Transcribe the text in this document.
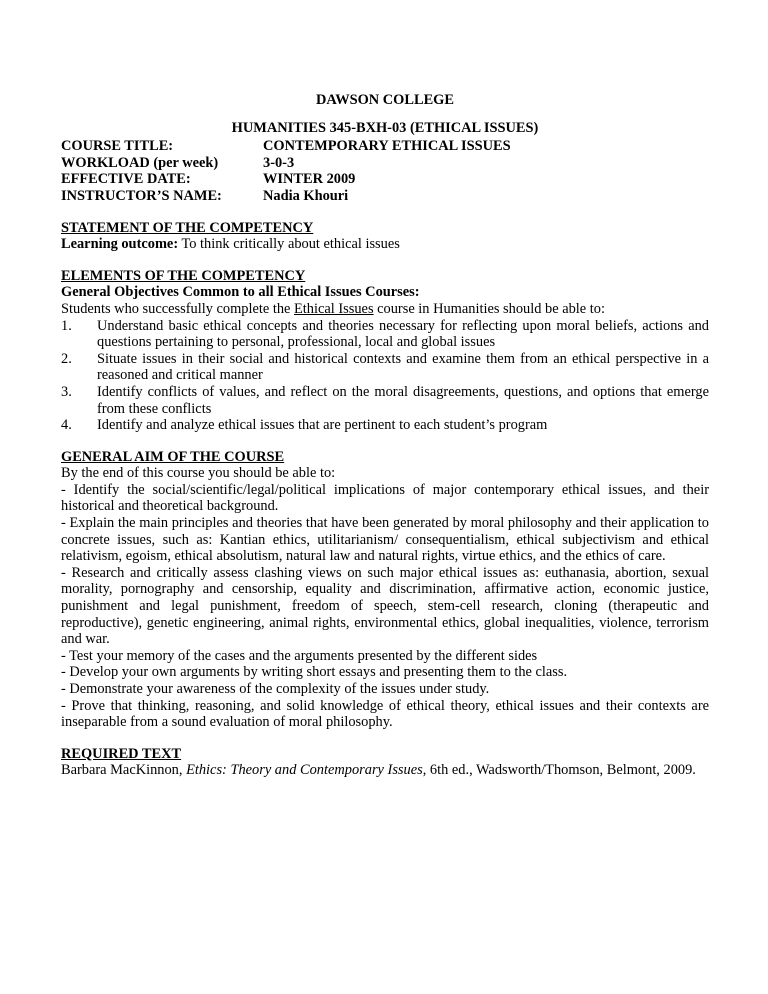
DAWSON COLLEGE
HUMANITIES 345-BXH-03 (ETHICAL ISSUES)
COURSE TITLE:	CONTEMPORARY ETHICAL ISSUES
WORKLOAD (per week)	3-0-3
EFFECTIVE DATE:	WINTER 2009
INSTRUCTOR’S NAME:	Nadia Khouri
STATEMENT OF THE COMPETENCY

Learning outcome: To think critically about ethical issues

ELEMENTS OF THE COMPETENCY
General Objectives Common to all Ethical Issues Courses:

Students who successfully complete the Ethical Issues course in Humanities should be able to:

1.	Understand basic ethical concepts and theories necessary for reflecting upon moral beliefs, actions and questions pertaining to personal, professional, local and global issues
2.	Situate issues in their social and historical contexts and examine them from an ethical perspective in a reasoned and critical manner
3.	Identify conflicts of values, and reflect on the moral disagreements, questions, and options that emerge from these conflicts
4.	Identify and analyze ethical issues that are pertinent to each student’s program
GENERAL AIM OF THE COURSE

By the end of this course you should be able to:

- Identify the social/scientific/legal/political implications of major contemporary ethical issues, and their historical and theoretical background.

- Explain the main principles and theories that have been generated by moral philosophy and their application to concrete issues, such as: Kantian ethics, utilitarianism/ consequentialism, ethical subjectivism and ethical relativism, egoism, ethical absolutism, natural law and natural rights, virtue ethics, and the ethics of care.

- Research and critically assess clashing views on such major ethical issues as: euthanasia, abortion, sexual morality, pornography and censorship, equality and discrimination, affirmative action, economic justice, punishment and legal punishment, freedom of speech, stem-cell research, cloning (therapeutic and reproductive), genetic engineering, animal rights, environmental ethics, global inequalities, violence, terrorism and war.

- Test your memory of the cases and the arguments presented by the different sides

- Develop your own arguments by writing short essays and presenting them to the class.

- Demonstrate your awareness of the complexity of the issues under study.

- Prove that thinking, reasoning, and solid knowledge of ethical theory, ethical issues and their contexts are inseparable from a sound evaluation of moral philosophy.

REQUIRED TEXT

Barbara MacKinnon, Ethics: Theory and Contemporary Issues, 6th ed., Wadsworth/Thomson, Belmont, 2009.
